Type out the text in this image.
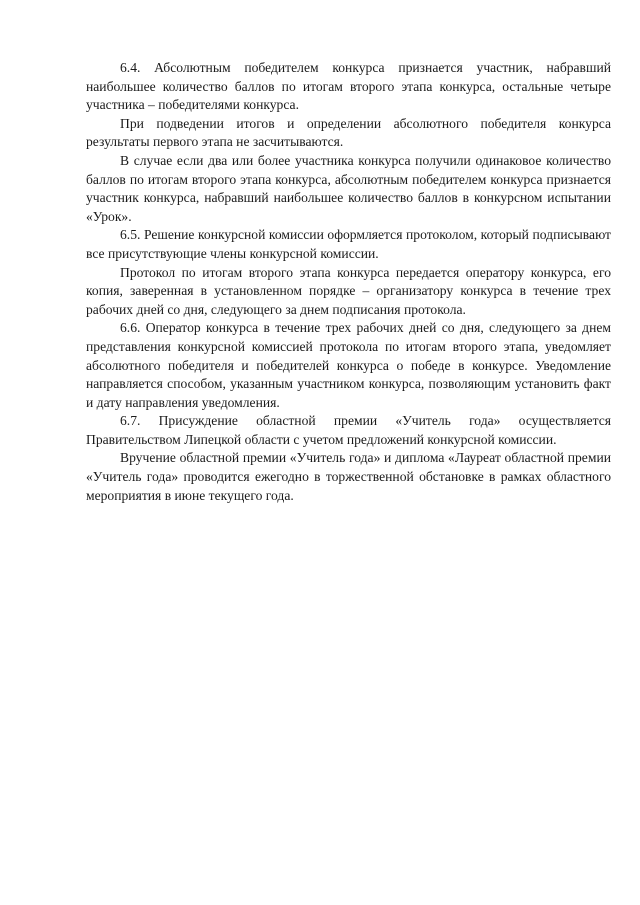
6.4. Абсолютным победителем конкурса признается участник, набравший наибольшее количество баллов по итогам второго этапа конкурса, остальные четыре участника – победителями конкурса.

При подведении итогов и определении абсолютного победителя конкурса результаты первого этапа не засчитываются.

В случае если два или более участника конкурса получили одинаковое количество баллов по итогам второго этапа конкурса, абсолютным победителем конкурса признается участник конкурса, набравший наибольшее количество баллов в конкурсном испытании «Урок».

6.5. Решение конкурсной комиссии оформляется протоколом, который подписывают все присутствующие члены конкурсной комиссии.

Протокол по итогам второго этапа конкурса передается оператору конкурса, его копия, заверенная в установленном порядке – организатору конкурса в течение трех рабочих дней со дня, следующего за днем подписания протокола.

6.6. Оператор конкурса в течение трех рабочих дней со дня, следующего за днем представления конкурсной комиссией протокола по итогам второго этапа, уведомляет абсолютного победителя и победителей конкурса о победе в конкурсе. Уведомление направляется способом, указанным участником конкурса, позволяющим установить факт и дату направления уведомления.

6.7. Присуждение областной премии «Учитель года» осуществляется Правительством Липецкой области с учетом предложений конкурсной комиссии.

Вручение областной премии «Учитель года» и диплома «Лауреат областной премии «Учитель года» проводится ежегодно в торжественной обстановке в рамках областного мероприятия в июне текущего года.
